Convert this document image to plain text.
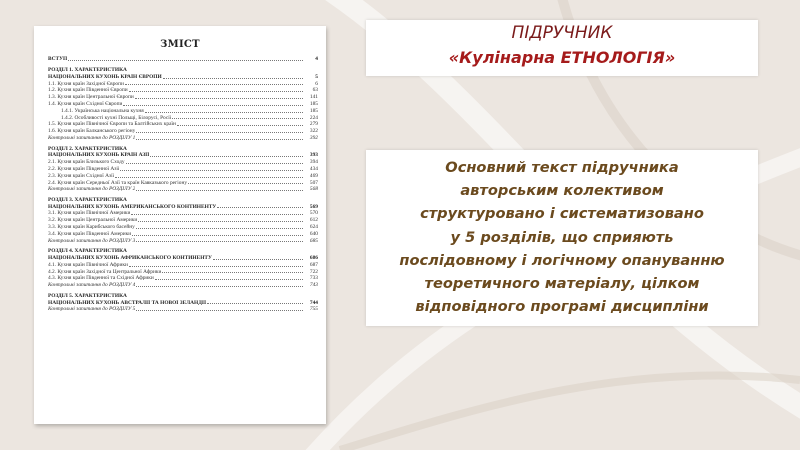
ЗМІСТ
ВСТУП	4
РОЗДІЛ 1. ХАРАКТЕРИСТИКА
НАЦІОНАЛЬНИХ КУХОНЬ КРАЇН ЄВРОПИ	5
1.1. Кухня країн Західної Європи	6
1.2. Кухня країн Південної Європи	63
1.3. Кухня країн Центральної Європи	141
1.4. Кухня країн Східної Європи	185
1.4.1. Українська національна кухня	185
1.4.2. Особливості кухні Польщі, Білорусі, Росії	224
1.5. Кухня країн Північної Європи та Балтійських країн	279
1.6. Кухня країн Балканського регіону	322
Контрольні запитання до РОЗДІЛУ 1	392
РОЗДІЛ 2. ХАРАКТЕРИСТИКА
НАЦІОНАЛЬНИХ КУХОНЬ КРАЇН АЗІЇ	393
2.1. Кухня країн Близького Сходу	394
2.2. Кухня країн Південної Азії	434
2.3. Кухня країн Східної Азії	469
2.4. Кухня країн Середньої Азії та країн Кавказького регіону	507
Контрольні запитання до РОЗДІЛУ 2	568
РОЗДІЛ 3. ХАРАКТЕРИСТИКА
НАЦІОНАЛЬНИХ КУХОНЬ АМЕРИКАНСЬКОГО КОНТИНЕНТУ	569
3.1. Кухня країн Північної Америки	570
3.2. Кухня країн Центральної Америки	612
3.3. Кухня країн Карибського басейну	624
3.4. Кухня країн Південної Америки	640
Контрольні запитання до РОЗДІЛУ 3	685
РОЗДІЛ 4. ХАРАКТЕРИСТИКА
НАЦІОНАЛЬНИХ КУХОНЬ АФРИКАНСЬКОГО КОНТИНЕНТУ	686
4.1. Кухня країн Північної Африки	687
4.2. Кухня країн Західної та Центральної Африки	722
4.3. Кухня країн Південної та Східної Африки	733
Контрольні запитання до РОЗДІЛУ 4	743
РОЗДІЛ 5. ХАРАКТЕРИСТИКА
НАЦІОНАЛЬНИХ КУХОНЬ АВСТРАЛІЇ ТА НОВОЇ ЗЕЛАНДІЇ	744
Контрольні запитання до РОЗДІЛУ 5	755
ПІДРУЧНИК
«Кулінарна ЕТНОЛОГІЯ»
Основний текст підручника
авторським колективом
структуровано і систематизовано
у 5 розділів, що сприяють
послідовному і логічному опануванню
теоретичного матеріалу, цілком
відповідного програмі дисципліни
